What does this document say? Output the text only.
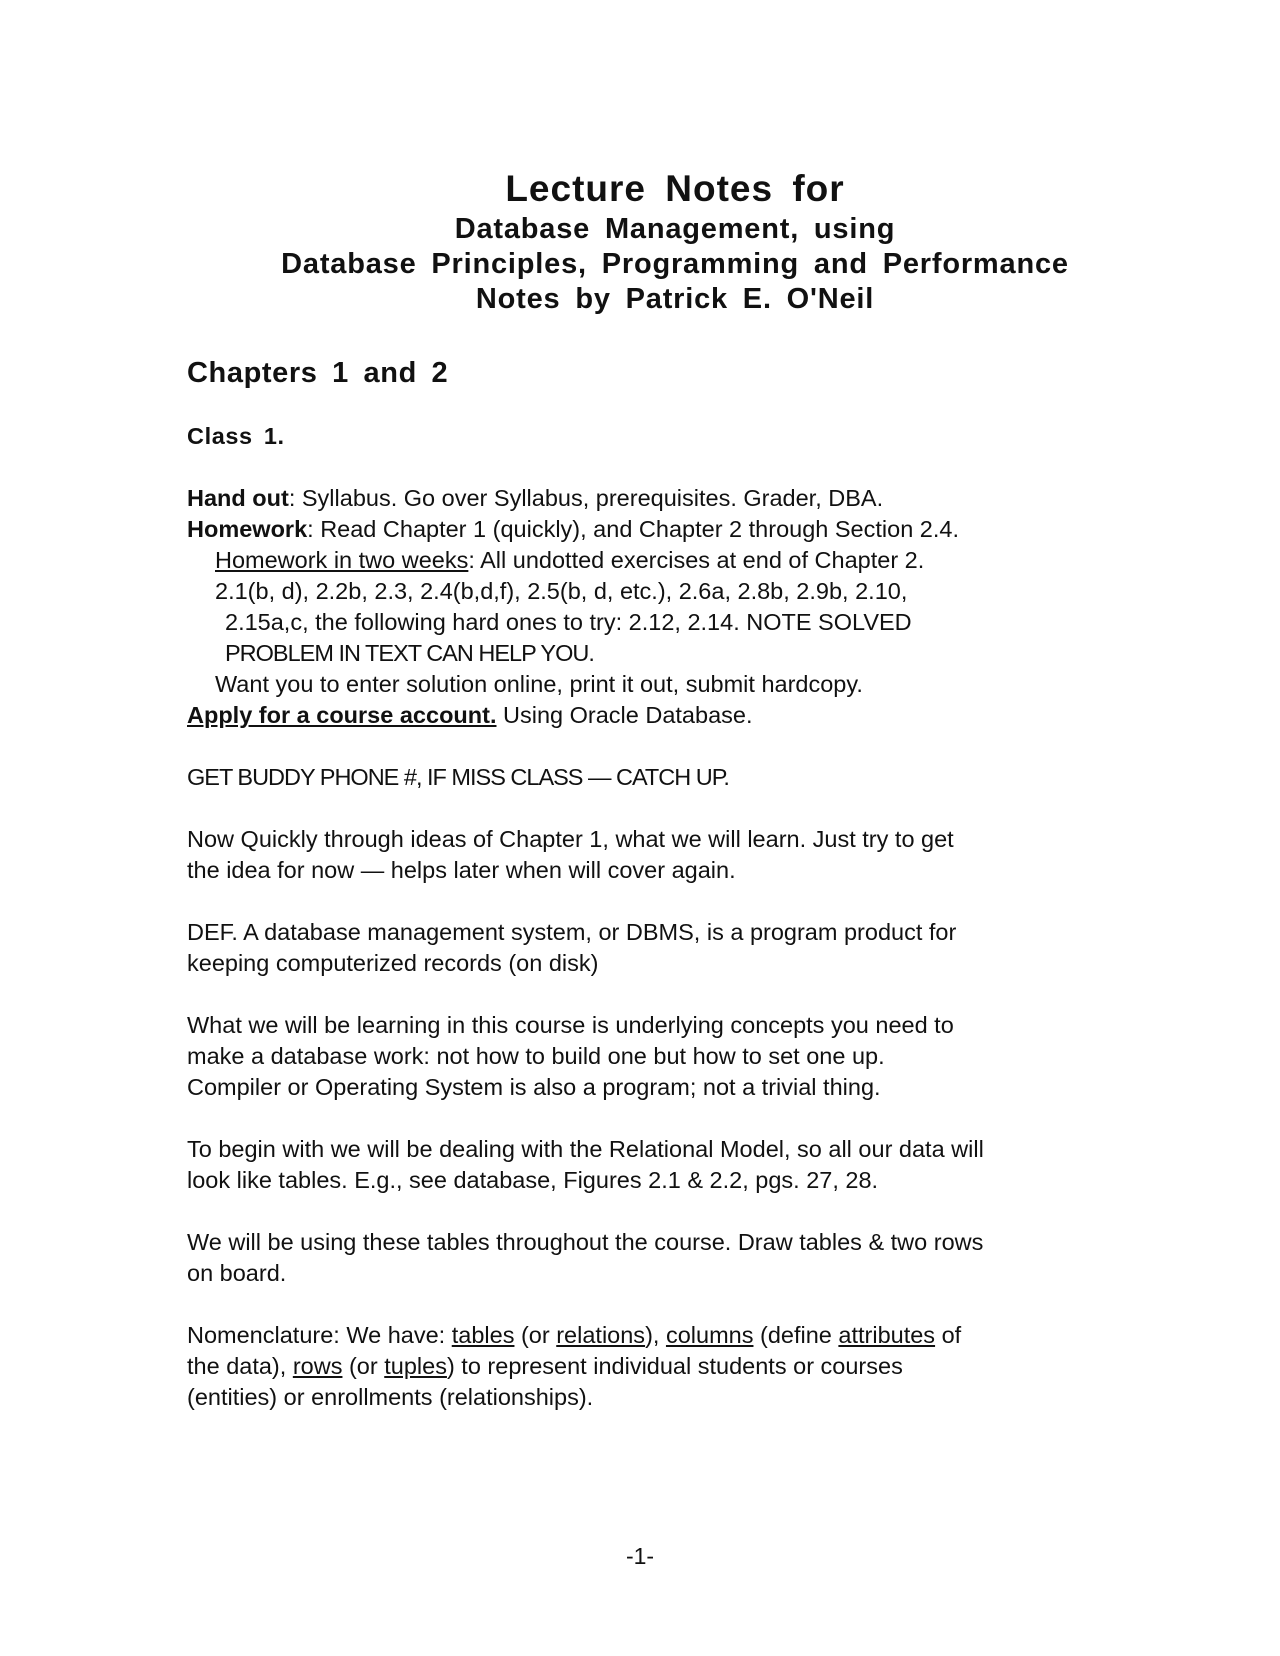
Lecture Notes for
Database Management, using
Database Principles, Programming and Performance
Notes by Patrick E. O'Neil
Chapters 1 and 2
Class 1.
Hand out: Syllabus. Go over Syllabus, prerequisites. Grader, DBA.
Homework: Read Chapter 1 (quickly), and Chapter 2 through Section 2.4.
Homework in two weeks: All undotted exercises at end of Chapter 2.
2.1(b, d), 2.2b, 2.3, 2.4(b,d,f), 2.5(b, d, etc.), 2.6a, 2.8b, 2.9b, 2.10,
2.15a,c, the following hard ones to try: 2.12, 2.14. NOTE SOLVED
PROBLEM IN TEXT CAN HELP YOU.
Want you to enter solution online, print it out, submit hardcopy.
Apply for a course account. Using Oracle Database.
GET BUDDY PHONE #, IF MISS CLASS — CATCH UP.
Now Quickly through ideas of Chapter 1, what we will learn. Just try to get
the idea for now — helps later when will cover again.
DEF. A database management system, or DBMS, is a program product for
keeping computerized records (on disk)
What we will be learning in this course is underlying concepts you need to
make a database work: not how to build one but how to set one up.
Compiler or Operating System is also a program; not a trivial thing.
To begin with we will be dealing with the Relational Model, so all our data will
look like tables. E.g., see database, Figures 2.1 & 2.2, pgs. 27, 28.
We will be using these tables throughout the course. Draw tables & two rows
on board.
Nomenclature: We have: tables (or relations), columns (define attributes of
the data), rows (or tuples) to represent individual students or courses
(entities) or enrollments (relationships).
-1-
